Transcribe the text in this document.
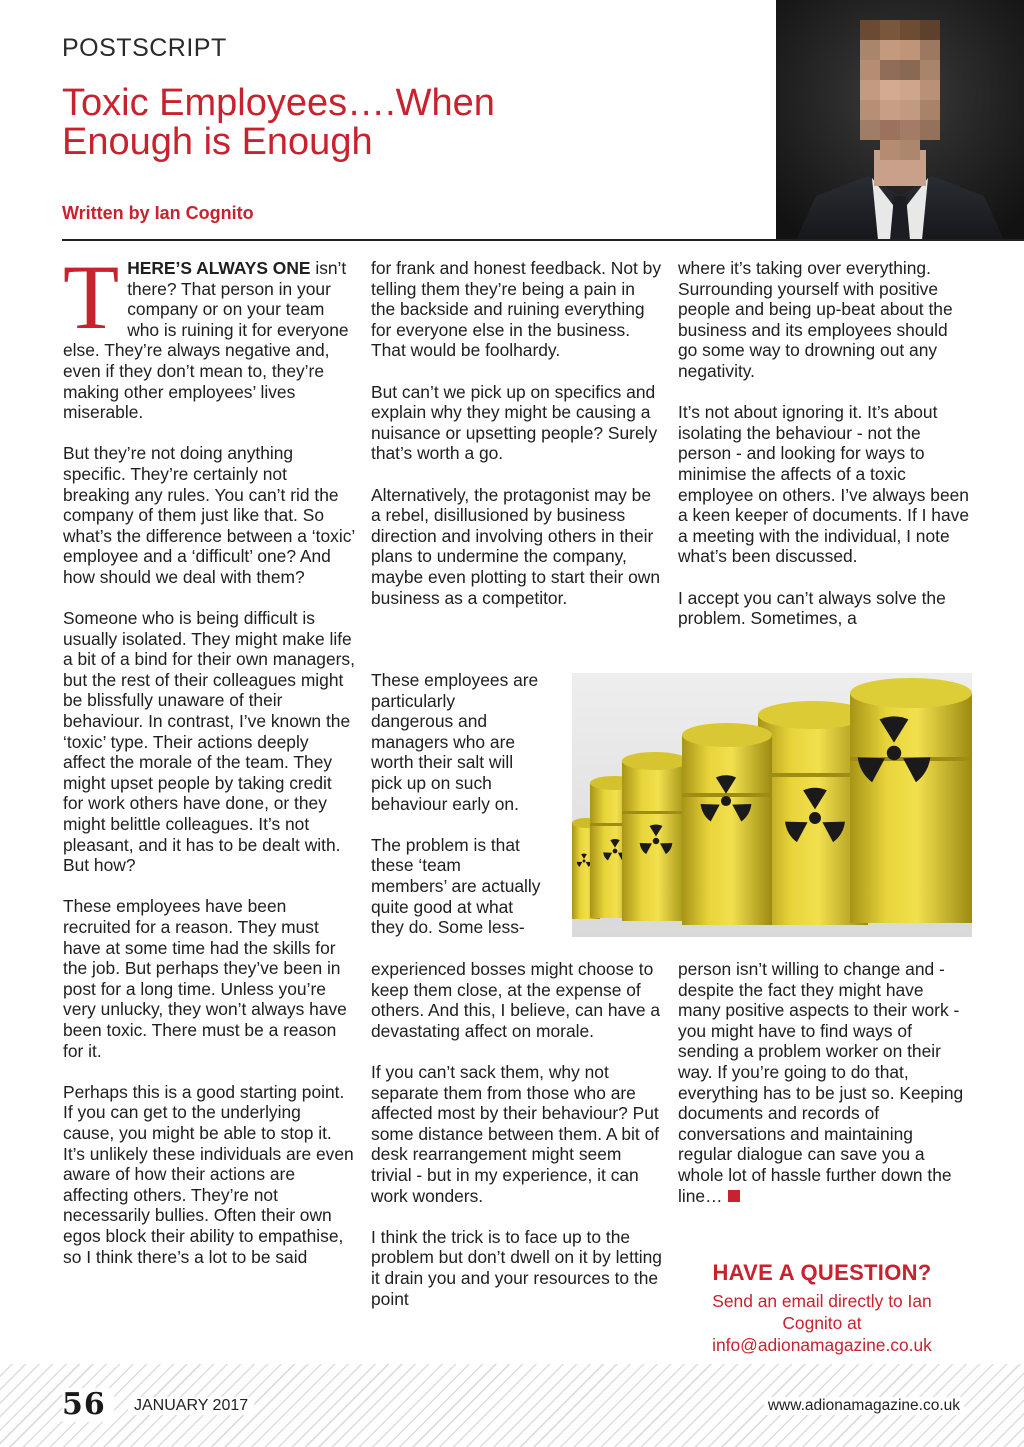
POSTSCRIPT
Toxic Employees….When
Enough is Enough
Written by Ian Cognito

THERE’S ALWAYS ONE isn’t there? That person in your company or on your team who is ruining it for everyone else. They’re always negative and, even if they don’t mean to, they’re making other employees’ lives miserable.

But they’re not doing anything specific. They’re certainly not breaking any rules. You can’t rid the company of them just like that. So what’s the difference between a ‘toxic’ employee and a ‘difficult’ one? And how should we deal with them?

Someone who is being difficult is usually isolated. They might make life a bit of a bind for their own managers, but the rest of their colleagues might be blissfully unaware of their behaviour. In contrast, I’ve known the ‘toxic’ type. Their actions deeply affect the morale of the team. They might upset people by taking credit for work others have done, or they might belittle colleagues. It’s not pleasant, and it has to be dealt with. But how?

These employees have been recruited for a reason. They must have at some time had the skills for the job. But perhaps they’ve been in post for a long time. Unless you’re very unlucky, they won’t always have been toxic. There must be a reason for it.

Perhaps this is a good starting point. If you can get to the underlying cause, you might be able to stop it. It’s unlikely these individuals are even aware of how their actions are affecting others. They’re not necessarily bullies. Often their own egos block their ability to empathise, so I think there’s a lot to be said

for frank and honest feedback. Not by telling them they’re being a pain in the backside and ruining everything for everyone else in the business. That would be foolhardy.

But can’t we pick up on specifics and explain why they might be causing a nuisance or upsetting people? Surely that’s worth a go.

Alternatively, the protagonist may be a rebel, disillusioned by business direction and involving others in their plans to undermine the company, maybe even plotting to start their own business as a competitor.

These employees are particularly dangerous and managers who are worth their salt will pick up on such behaviour early on.

The problem is that these ‘team members’ are actually quite good at what they do. Some less-

experienced bosses might choose to keep them close, at the expense of others. And this, I believe, can have a devastating affect on morale.

If you can’t sack them, why not separate them from those who are affected most by their behaviour? Put some distance between them. A bit of desk rearrangement might seem trivial - but in my experience, it can work wonders.

I think the trick is to face up to the problem but don’t dwell on it by letting it drain you and your resources to the point

where it’s taking over everything. Surrounding yourself with positive people and being up-beat about the business and its employees should go some way to drowning out any negativity.

It’s not about ignoring it. It’s about isolating the behaviour - not the person - and looking for ways to minimise the affects of a toxic employee on others. I’ve always been a keen keeper of documents. If I have a meeting with the individual, I note what’s been discussed.

I accept you can’t always solve the problem. Sometimes, a

person isn’t willing to change and - despite the fact they might have many positive aspects to their work - you might have to find ways of sending a problem worker on their way. If you’re going to do that, everything has to be just so. Keeping documents and records of conversations and maintaining regular dialogue can save you a whole lot of hassle further down the line…

HAVE A QUESTION?
Send an email directly to Ian
Cognito at
info@adionamagazine.co.uk
56	JANUARY 2017	www.adionamagazine.co.uk
